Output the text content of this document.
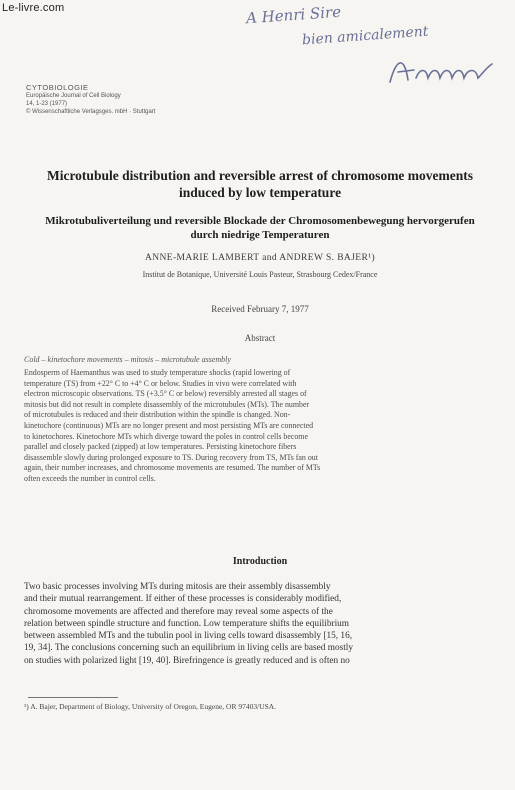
Le-livre.com	A Henri Sire
bien amicalement
CYTOBIOLOGIE
Europäische Journal of Cell Biology
14, 1-23 (1977)
© Wissenschaftliche Verlagsges. mbH · Stuttgart
Microtubule distribution and reversible arrest of chromosome movements induced by low temperature
Mikrotubuliverteilung und reversible Blockade der Chromosomenbewegung hervorgerufen durch niedrige Temperaturen
ANNE-MARIE LAMBERT and ANDREW S. BAJER¹)
Institut de Botanique, Université Louis Pasteur, Strasbourg Cedex/France
Received February 7, 1977
Abstract
Cold – kinetochore movements – mitosis – microtubule assembly
Endosperm of Haemanthus was used to study temperature shocks (rapid lowering of
temperature (TS) from +22° C to +4° C or below. Studies in vivo were correlated with
electron microscopic observations. TS (+3.5° C or below) reversibly arrested all stages of
mitosis but did not result in complete disassembly of the microtubules (MTs). The number
of microtubules is reduced and their distribution within the spindle is changed. Non-
kinetochore (continuous) MTs are no longer present and most persisting MTs are connected
to kinetochores. Kinetochore MTs which diverge toward the poles in control cells become
parallel and closely packed (zipped) at low temperatures. Persisting kinetochore fibers
disassemble slowly during prolonged exposure to TS. During recovery from TS, MTs fan out
again, their number increases, and chromosome movements are resumed. The number of MTs
often exceeds the number in control cells.
Introduction
Two basic processes involving MTs during mitosis are their assembly disassembly
and their mutual rearrangement. If either of these processes is considerably modified,
chromosome movements are affected and therefore may reveal some aspects of the
relation between spindle structure and function. Low temperature shifts the equilibrium
between assembled MTs and the tubulin pool in living cells toward disassembly [15, 16,
19, 34]. The conclusions concerning such an equilibrium in living cells are based mostly
on studies with polarized light [19, 40]. Birefringence is greatly reduced and is often no
¹) A. Bajer, Department of Biology, University of Oregon, Eugene, OR 97403/USA.
